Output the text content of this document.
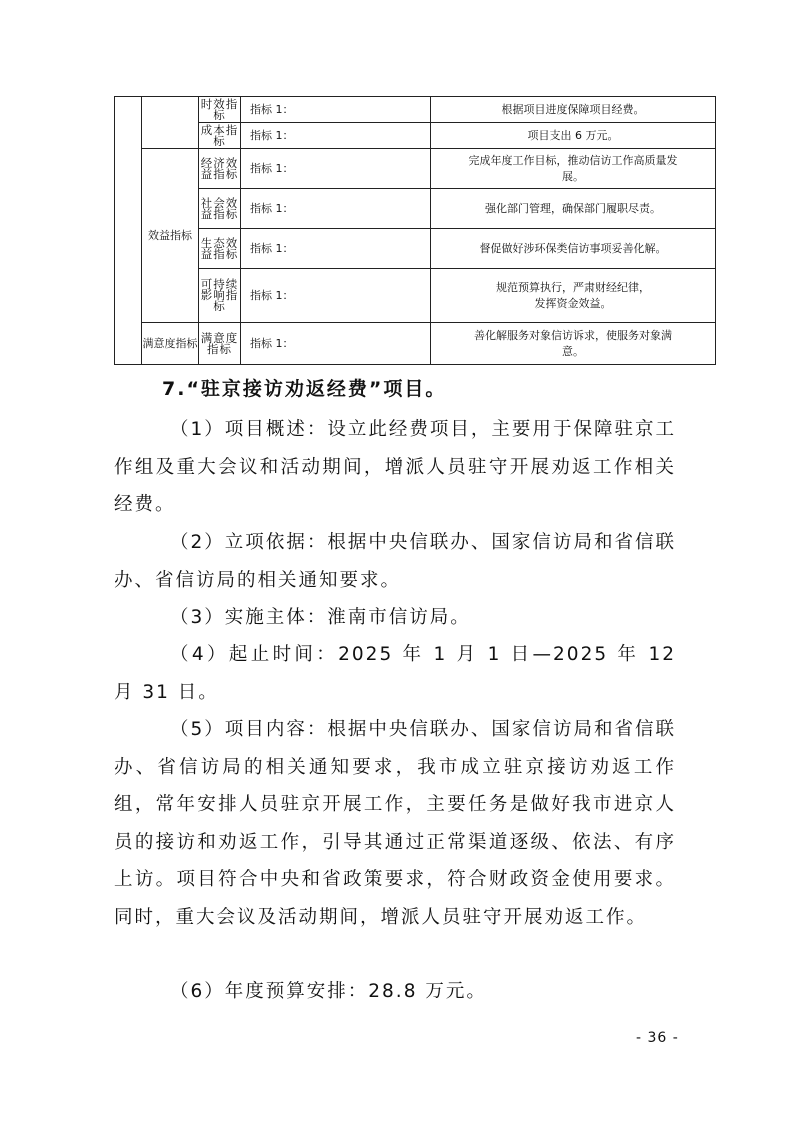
		时效指标	指标 1：	根据项目进度保障项目经费。

		成本指标	指标 1：	项目支出 6 万元。

	效益指标	经济效益指标	指标 1：	完成年度工作目标，推动信访工作高质量发
展。

		社会效益指标	指标 1：	强化部门管理，确保部门履职尽责。

		生态效益指标	指标 1：	督促做好涉环保类信访事项妥善化解。

		可持续影响指标	指标 1：	规范预算执行，严肃财经纪律，
发挥资金效益。

	满意度指标	满意度指标	指标 1：	善化解服务对象信访诉求，使服务对象满
意。
7.“驻京接访劝返经费”项目。

（1）项目概述：设立此经费项目，主要用于保障驻京工作组及重大会议和活动期间，增派人员驻守开展劝返工作相关经费。

（2）立项依据：根据中央信联办、国家信访局和省信联办、省信访局的相关通知要求。

（3）实施主体：淮南市信访局。

（4）起止时间：2025 年 1 月 1 日—2025 年 12 月 31 日。

（5）项目内容：根据中央信联办、国家信访局和省信联办、省信访局的相关通知要求，我市成立驻京接访劝返工作组，常年安排人员驻京开展工作，主要任务是做好我市进京人员的接访和劝返工作，引导其通过正常渠道逐级、依法、有序上访。项目符合中央和省政策要求，符合财政资金使用要求。同时，重大会议及活动期间，增派人员驻守开展劝返工作。

（6）年度预算安排：28.8 万元。

- 36 -
